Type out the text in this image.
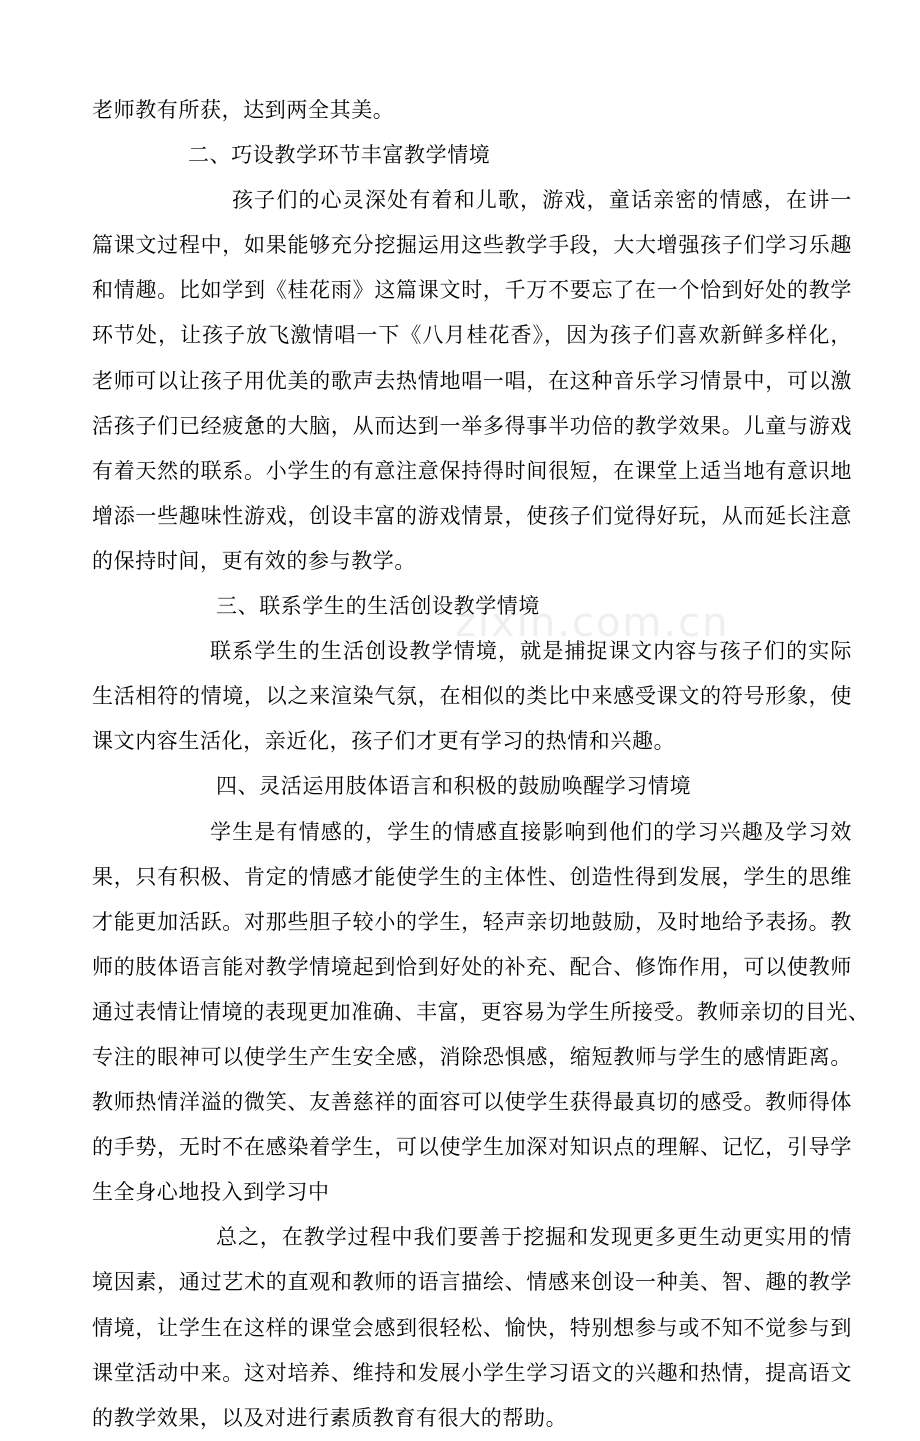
老师教有所获，达到两全其美。
二、巧设教学环节丰富教学情境
孩子们的心灵深处有着和儿歌，游戏，童话亲密的情感，在讲一
篇课文过程中，如果能够充分挖掘运用这些教学手段，大大增强孩子们学习乐趣
和情趣。比如学到《桂花雨》这篇课文时，千万不要忘了在一个恰到好处的教学
环节处，让孩子放飞激情唱一下《八月桂花香》，因为孩子们喜欢新鲜多样化，
老师可以让孩子用优美的歌声去热情地唱一唱，在这种音乐学习情景中，可以激
活孩子们已经疲惫的大脑，从而达到一举多得事半功倍的教学效果。儿童与游戏
有着天然的联系。小学生的有意注意保持得时间很短，在课堂上适当地有意识地
增添一些趣味性游戏，创设丰富的游戏情景，使孩子们觉得好玩，从而延长注意
的保持时间，更有效的参与教学。
三、联系学生的生活创设教学情境
联系学生的生活创设教学情境，就是捕捉课文内容与孩子们的实际
生活相符的情境，以之来渲染气氛，在相似的类比中来感受课文的符号形象，使
课文内容生活化，亲近化，孩子们才更有学习的热情和兴趣。
四、灵活运用肢体语言和积极的鼓励唤醒学习情境
学生是有情感的，学生的情感直接影响到他们的学习兴趣及学习效
果，只有积极、肯定的情感才能使学生的主体性、创造性得到发展，学生的思维
才能更加活跃。对那些胆子较小的学生，轻声亲切地鼓励，及时地给予表扬。教
师的肢体语言能对教学情境起到恰到好处的补充、配合、修饰作用，可以使教师
通过表情让情境的表现更加准确、丰富，更容易为学生所接受。教师亲切的目光、
专注的眼神可以使学生产生安全感，消除恐惧感，缩短教师与学生的感情距离。
教师热情洋溢的微笑、友善慈祥的面容可以使学生获得最真切的感受。教师得体
的手势，无时不在感染着学生，可以使学生加深对知识点的理解、记忆，引导学
生全身心地投入到学习中
总之，在教学过程中我们要善于挖掘和发现更多更生动更实用的情
境因素，通过艺术的直观和教师的语言描绘、情感来创设一种美、智、趣的教学
情境，让学生在这样的课堂会感到很轻松、愉快，特别想参与或不知不觉参与到
课堂活动中来。这对培养、维持和发展小学生学习语文的兴趣和热情，提高语文
的教学效果，以及对进行素质教育有很大的帮助。
zixin.com.cn
